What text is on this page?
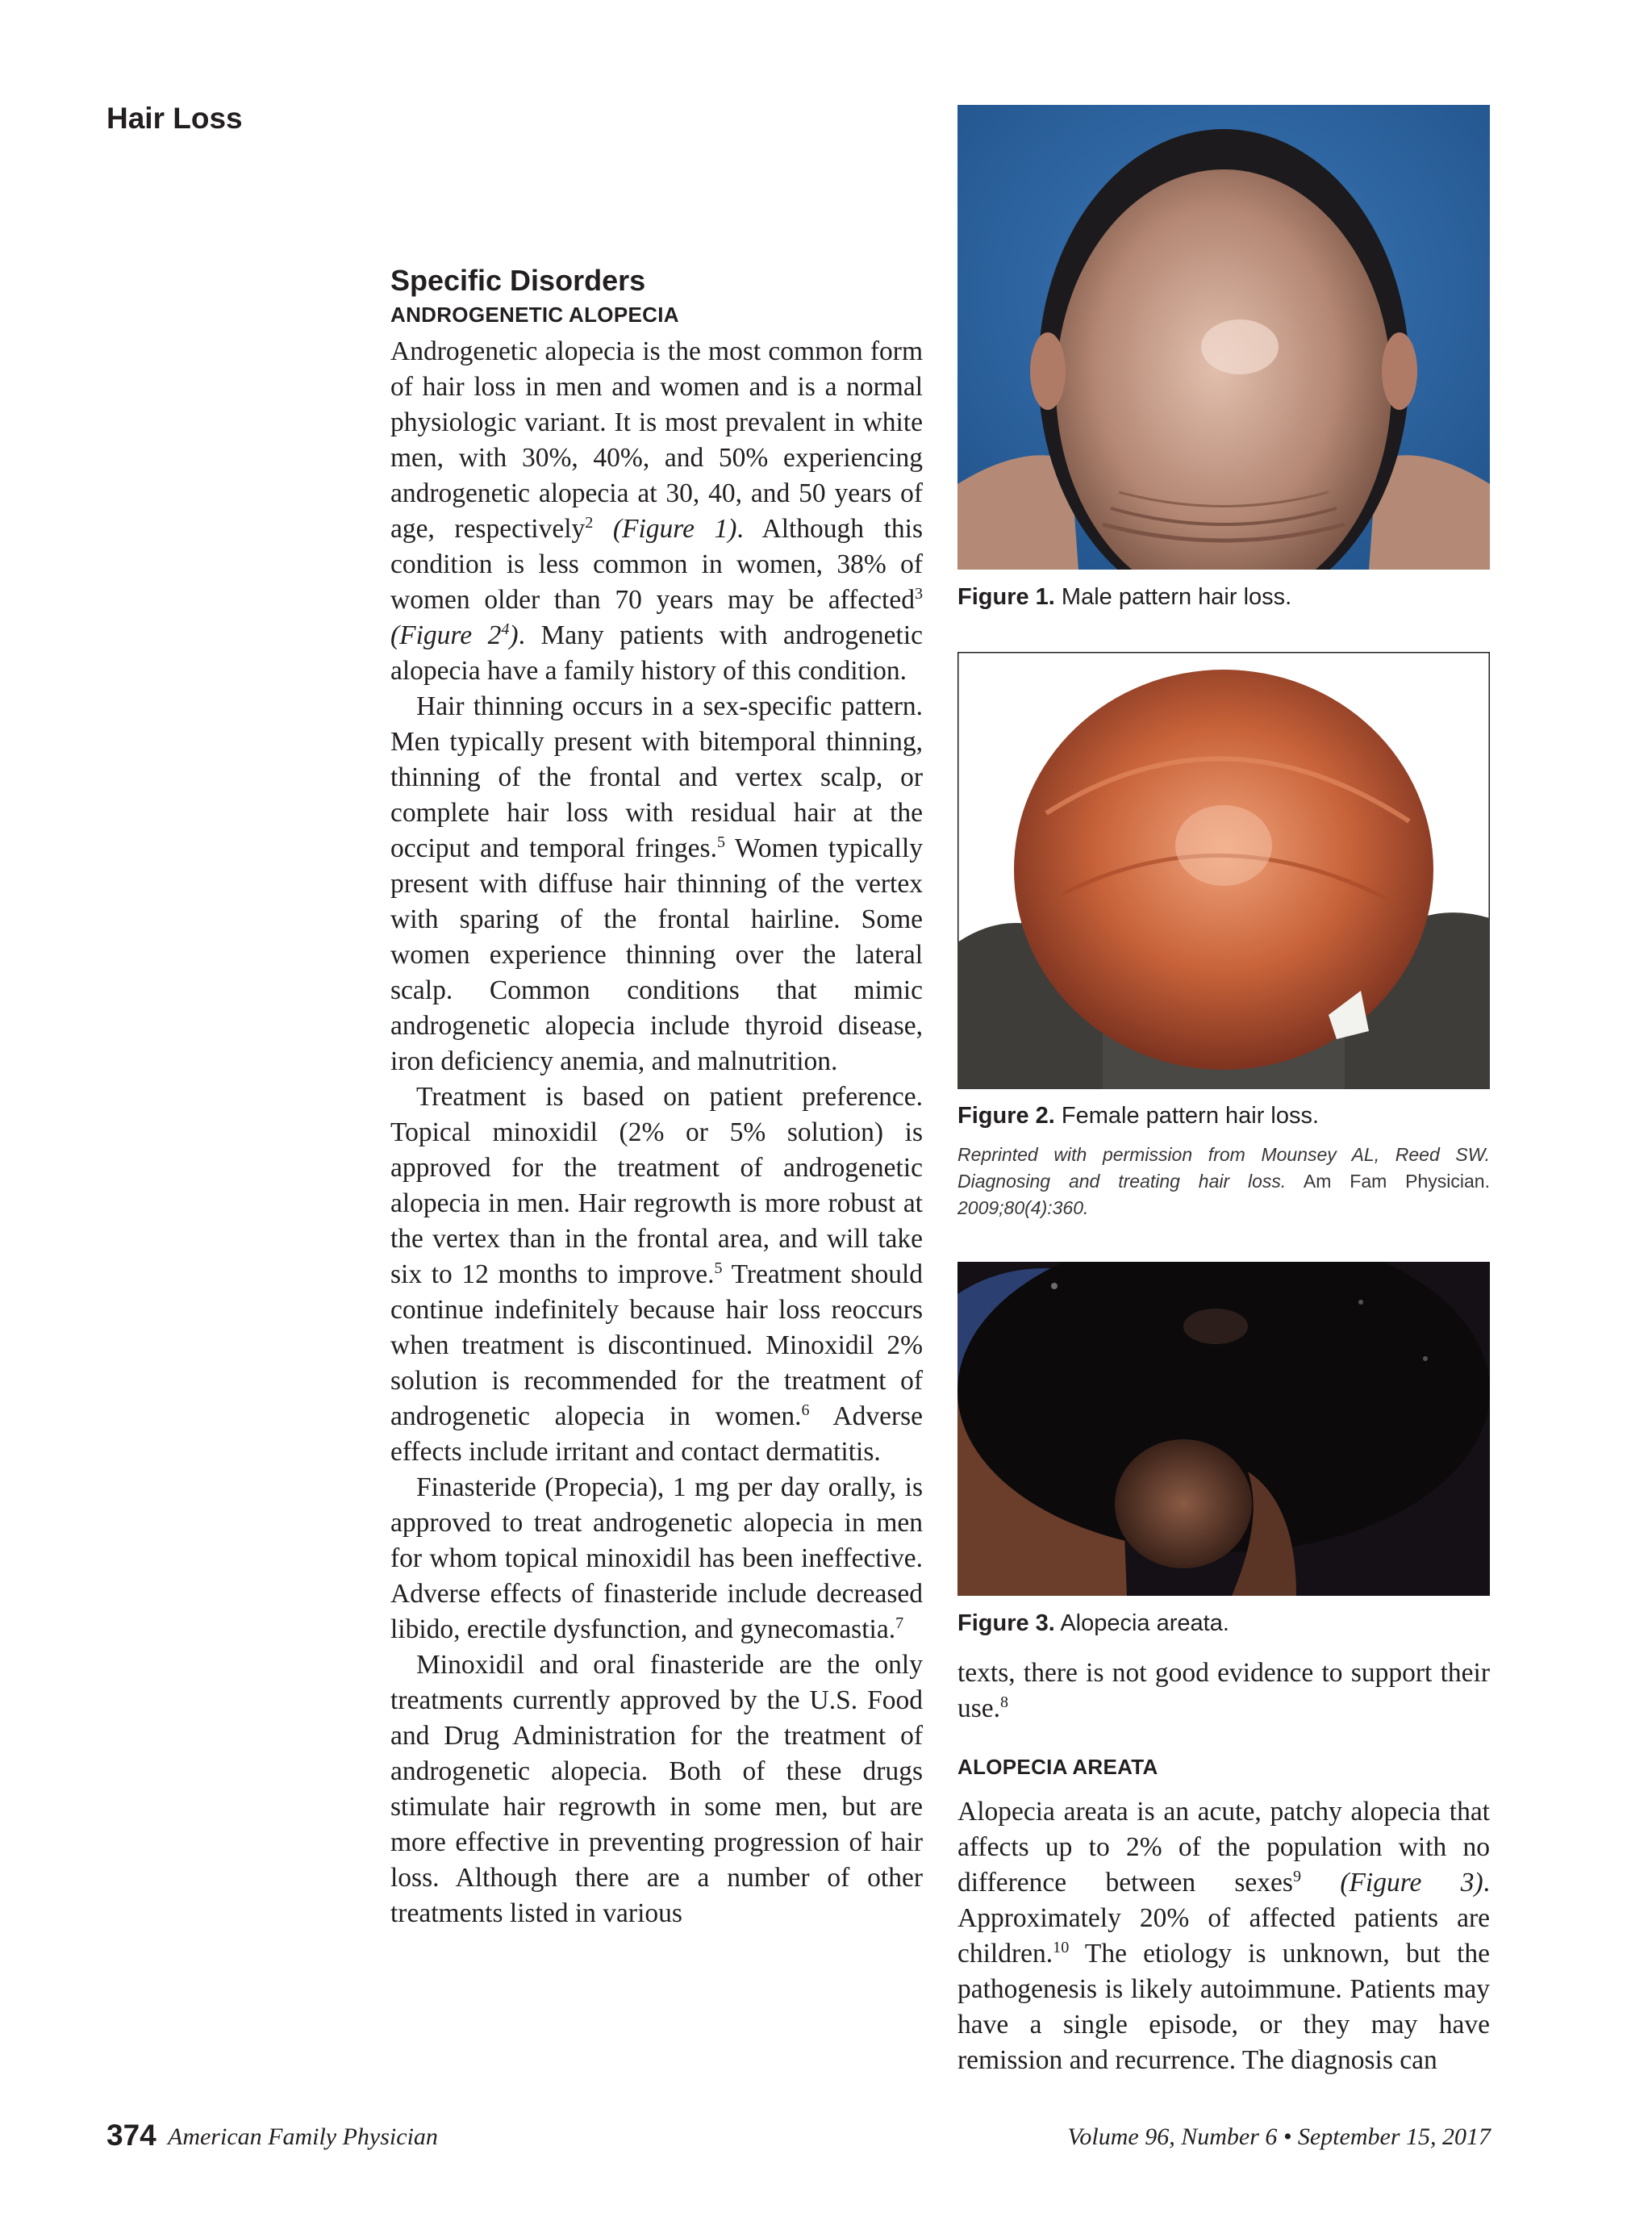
Hair Loss
Specific Disorders
ANDROGENETIC ALOPECIA

Androgenetic alopecia is the most common form of hair loss in men and women and is a normal physiologic variant. It is most prevalent in white men, with 30%, 40%, and 50% experiencing androgenetic alopecia at 30, 40, and 50 years of age, respectively$^2$ (Figure 1). Although this condition is less common in women, 38% of women older than 70 years may be affected$^3$ (Figure $2^4$). Many patients with androgenetic alopecia have a family history of this condition.

Hair thinning occurs in a sex-specific pattern. Men typically present with bitemporal thinning, thinning of the frontal and vertex scalp, or complete hair loss with residual hair at the occiput and temporal fringes.$^5$ Women typically present with diffuse hair thinning of the vertex with sparing of the frontal hairline. Some women experience thinning over the lateral scalp. Common conditions that mimic androgenetic alopecia include thyroid disease, iron deficiency anemia, and malnutrition.

Treatment is based on patient preference. Topical minoxidil (2% or 5% solution) is approved for the treatment of androgenetic alopecia in men. Hair regrowth is more robust at the vertex than in the frontal area, and will take six to 12 months to improve.$^5$ Treatment should continue indefinitely because hair loss reoccurs when treatment is discontinued. Minoxidil 2% solution is recommended for the treatment of androgenetic alopecia in women.$^6$ Adverse effects include irritant and contact dermatitis.

Finasteride (Propecia), 1 mg per day orally, is approved to treat androgenetic alopecia in men for whom topical minoxidil has been ineffective. Adverse effects of finasteride include decreased libido, erectile dysfunction, and gynecomastia.$^7$

Minoxidil and oral finasteride are the only treatments currently approved by the U.S. Food and Drug Administration for the treatment of androgenetic alopecia. Both of these drugs stimulate hair regrowth in some men, but are more effective in preventing progression of hair loss. Although there are a number of other treatments listed in various

Figure 1. Male pattern hair loss.
Figure 2. Female pattern hair loss.
Reprinted with permission from Mounsey AL, Reed SW. Diagnosing and treating hair loss. Am Fam Physician. 2009;80(4):360.
Figure 3. Alopecia areata.

texts, there is not good evidence to support their use.$^8$

ALOPECIA AREATA

Alopecia areata is an acute, patchy alopecia that affects up to 2% of the population with no difference between sexes$^9$ (Figure 3). Approximately 20% of affected patients are children.$^{10}$ The etiology is unknown, but the pathogenesis is likely autoimmune. Patients may have a single episode, or they may have remission and recurrence. The diagnosis can

374 American Family Physician	Volume 96, Number 6 • September 15, 2017
